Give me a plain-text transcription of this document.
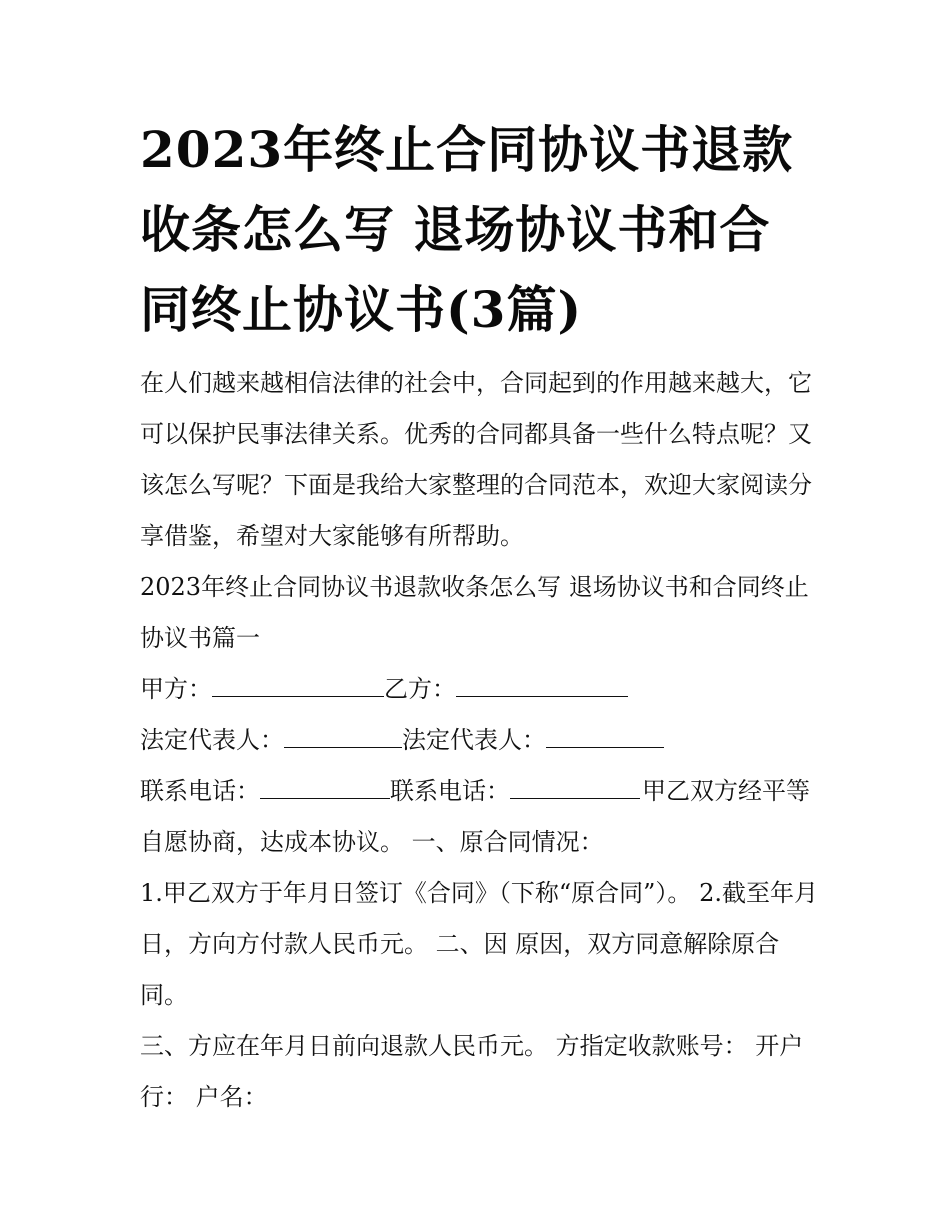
2023年终止合同协议书退款收条怎么写 退场协议书和合同终止协议书(3篇)

在人们越来越相信法律的社会中，合同起到的作用越来越大，它可以保护民事法律关系。优秀的合同都具备一些什么特点呢？又该怎么写呢？下面是我给大家整理的合同范本，欢迎大家阅读分享借鉴，希望对大家能够有所帮助。

2023年终止合同协议书退款收条怎么写 退场协议书和合同终止协议书篇一

甲方：	乙方：

法定代表人：	法定代表人：

联系电话：	联系电话：	甲乙双方经平等自愿协商，达成本协议。 一、原合同情况：

1.甲乙双方于年月日签订《合同》（下称“原合同”）。 2.截至年月日，方向方付款人民币元。 二、因 原因，双方同意解除原合同。

三、方应在年月日前向退款人民币元。 方指定收款账号： 开户行： 户名：
